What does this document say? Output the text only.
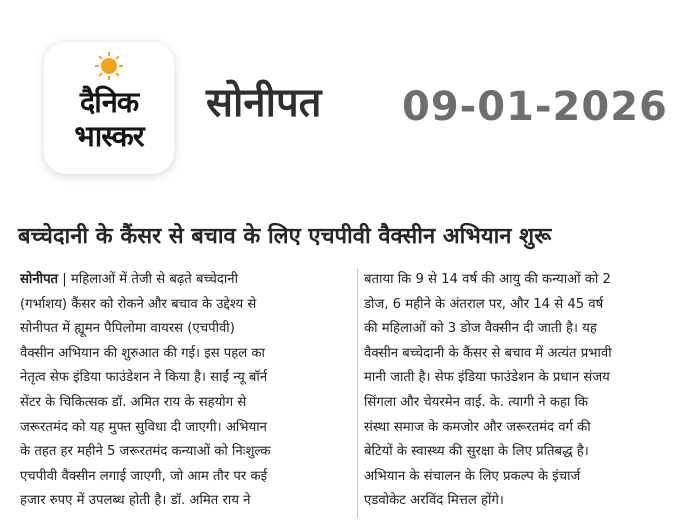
दैनिक
भास्कर
सोनीपत 09-01-2026
बच्चेदानी के कैंसर से बचाव के लिए एचपीवी वैक्सीन अभियान शुरू
सोनीपत | महिलाओं में तेजी से बढ़ते बच्चेदानी
(गर्भाशय) कैंसर को रोकने और बचाव के उद्देश्य से
सोनीपत में ह्यूमन पैपिलोमा वायरस (एचपीवी)
वैक्सीन अभियान की शुरुआत की गई। इस पहल का
नेतृत्व सेफ इंडिया फाउंडेशन ने किया है। साईं न्यू बॉर्न
सेंटर के चिकित्सक डॉ. अमित राय के सहयोग से
जरूरतमंद को यह मुफ्त सुविधा दी जाएगी। अभियान
के तहत हर महीने 5 जरूरतमंद कन्याओं को निःशुल्क
एचपीवी वैक्सीन लगाई जाएगी, जो आम तौर पर कई
हजार रुपए में उपलब्ध होती है। डॉ. अमित राय ने
बताया कि 9 से 14 वर्ष की आयु की कन्याओं को 2
डोज, 6 महीने के अंतराल पर, और 14 से 45 वर्ष
की महिलाओं को 3 डोज वैक्सीन दी जाती है। यह
वैक्सीन बच्चेदानी के कैंसर से बचाव में अत्यंत प्रभावी
मानी जाती है। सेफ इंडिया फाउंडेशन के प्रधान संजय
सिंगला और चेयरमेन वाई. के. त्यागी ने कहा कि
संस्था समाज के कमजोर और जरूरतमंद वर्ग की
बेटियों के स्वास्थ्य की सुरक्षा के लिए प्रतिबद्ध है।
अभियान के संचालन के लिए प्रकल्प के इंचार्ज
एडवोकेट अरविंद मित्तल होंगे।
